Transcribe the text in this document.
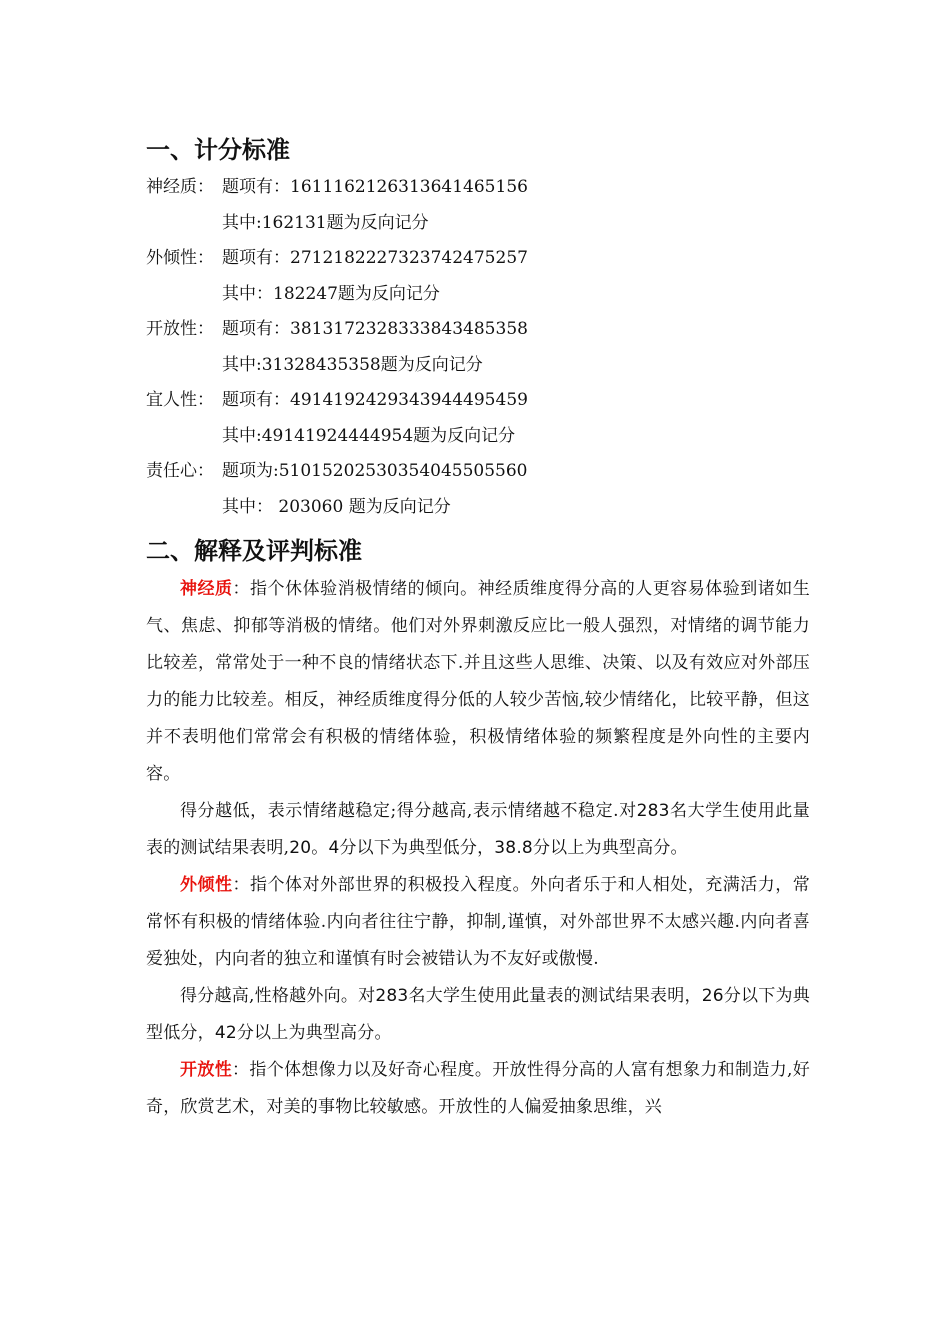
一、计分标准
神经质： 题项有：1611162126313641465156
其中:162131题为反向记分
外倾性： 题项有：2712182227323742475257
其中：182247题为反向记分
开放性： 题项有：3813172328333843485358
其中:31328435358题为反向记分
宜人性： 题项有：4914192429343944495459
其中:49141924444954题为反向记分
责任心： 题项为:5101520253035404550556​0
其中： 203060 题为反向记分
二、解释及评判标准

神经质：指个休体验消极情绪的倾向。神经质维度得分高的人更容易体验到诸如生气、焦虑、抑郁等消极的情绪。他们对外界刺激反应比一般人强烈，对情绪的调节能力比较差，常常处于一种不良的情绪状态下.并且这些人思维、决策、以及有效应对外部压力的能力比较差。相反，神经质维度得分低的人较少苦恼,较少情绪化，比较平静，但这并不表明他们常常会有积极的情绪体验，积极情绪体验的频繁程度是外向性的主要内容。

得分越低，表示情绪越稳定;得分越高,表示情绪越不稳定.对283名大学生使用此量表的测试结果表明,20。4分以下为典型低分，38.8分以上为典型高分。

外倾性：指个体对外部世界的积极投入程度。外向者乐于和人相处，充满活力，常常怀有积极的情绪体验.内向者往往宁静，抑制,谨慎，对外部世界不太感兴趣.内向者喜爱独处，内向者的独立和谨慎有时会被错认为不友好或傲慢.

得分越高,性格越外向。对283名大学生使用此量表的测试结果表明，26分以下为典型低分，42分以上为典型高分。

开放性：指个体想像力以及好奇心程度。开放性得分高的人富有想象力和制造力,好奇，欣赏艺术，对美的事物比较敏感。开放性的人偏爱抽象思维，兴
